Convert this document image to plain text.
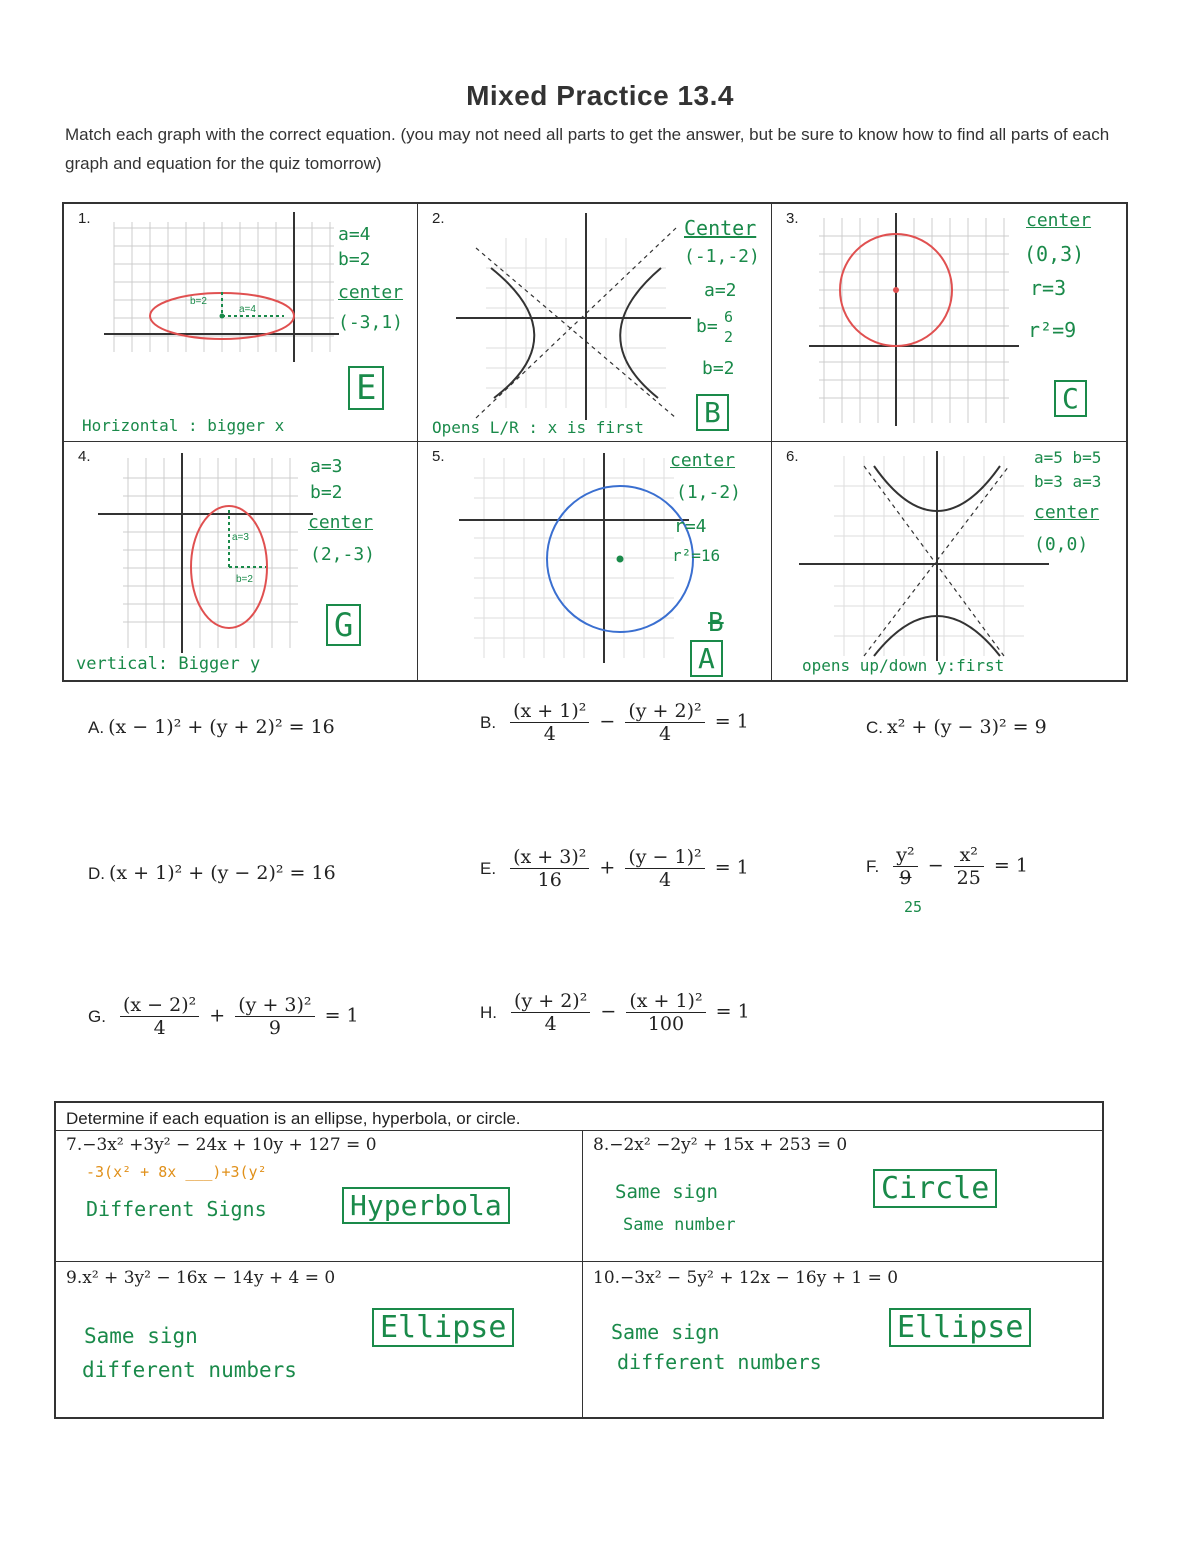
Mixed Practice 13.4
Match each graph with the correct equation. (you may not need all parts to get the answer, but be sure to know how to find all parts of each graph and equation for the quiz tomorrow)
1.
b=2
a=4
a=4
b=2
center
(-3,1)
E
Horizontal : bigger x
2.	Center
(-1,-2)
a=2
b= 6
2
b=2
B
Opens L/R : x is first
3.	center
(0,3)
r=3
r²=9
C
4.
a=3
b=2
a=3
b=2
center
(2,-3)
G
vertical: Bigger y
5.	center
(1,-2)
r=4
r²=16
B
A
6.	a=5 b=5
b=3 a=3
center
(0,0)
opens up/down y:first
A. (x − 1)² + (y + 2)² = 16	B. $\frac{\text{(x + 1)²}}{4} - \frac{\text{(y + 2)²}}{4} = 1$	C. x² + (y − 3)² = 9
D. (x + 1)² + (y − 2)² = 16	E. $\frac{\text{(x + 3)²}}{16} + \frac{\text{(y − 1)²}}{4} = 1$	F. $\frac{\text{y²}}{9} - \frac{\text{x²}}{25} = 1$
25
G. $\frac{\text{(x − 2)²}}{4} + \frac{\text{(y + 3)²}}{9} = 1$	H. $\frac{\text{(y + 2)²}}{4} - \frac{\text{(x + 1)²}}{100} = 1$
Determine if each equation is an ellipse, hyperbola, or circle.
7.−3x² +3y² − 24x + 10y + 127 = 0
-3(x² + 8x ___)+3(y²
Different Signs	Hyperbola
8.−2x² −2y² + 15x + 253 = 0
Same sign
Same number
Circle
9.x² + 3y² − 16x − 14y + 4 = 0
Same sign
different numbers
Ellipse
10.−3x² − 5y² + 12x − 16y + 1 = 0
Same sign
different numbers
Ellipse
